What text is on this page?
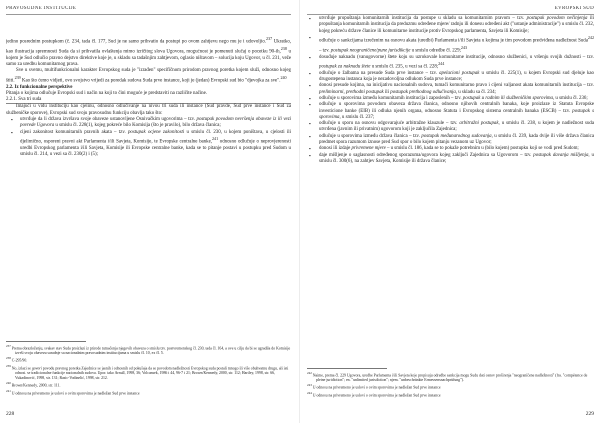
PRAVOSUDNE INSTITUCIJE

jedino posrednim postupkom (č. 234, tada čl. 177, Sud je ne samo prihvatio da postupi po ovom zahtjevu nego mu je i udovoljio.$^{237}$ Ukratko, kao ilustracija spremnosti Suda da si prihvatila ovlaštenja mimo izričitog slova Ugovora, mogućnost je pomenuti slučaj o pocetku 90-ih,$^{238}$ u kojem je Sud odlučio pravno dejstvo direktive koje je, u skladu sa tadašnjim zahtjevom, oglasio ništavom – solucija koju Ugovor, u čl. 231, veže samo za uredbu komunitarnog prava.

Sve u svemu, multifunkcionalni karakter Evropskog suda je "izrađen" specifičnom prirodom pravnog poretka kojem služi, odnosno kojeg štiti.$^{239}$ Kao što ćemo vidjeti, ovo svojstvo vrijedi za poredak sudova Suda prve instance, koji je (jedan) Evropski sud bio "djevojka za sve".$^{240}$

2.2. Iz funkcionalne perspektive

Pitanja o kojima odlučuje Evropski sud i način na koji to čini moguće je predstaviti na različite načine.

2.2.1. Sva tri suda

Imajući u vidu instituciju kao cjelinu, odnosno odlučivanje na nivou tri suda ili instance (Sud pravde, Sud prve instance i Sud za službeničke sporove), Evropski sud svoju pravosudnu funkciju obavlja tako što:

▪ utvrđuje da li država izvršava svoje obaveze ustanovljene Osnivačkim ugovorima – tzv. postupak povodom nevršenja obaveze iz ili vezi povrede Ugovora u smislu čl. 228(1), kojeg pokreće bilo Komisija (što je pravilo), bilo država članica;
▪ cijeni zakonitost komunitarnih pravnih akata – tzv. postupak ocjene zakonitosti u smislu čl. 230, u kojem poništava, u cjelosti ili djelimično, osporeni pravni akt Parlamenta i/ili Savjeta, Komisije, te Evropske centralne banke,$^{241}$ odnosno odlučuje o neprovjerenosti uredbi Evropskog parlamenta i/ili Savjeta, Komisije ili Evropske centralne banke, kada se to pitanje postavi u postupku pred Sudom u smislu čl. 214, u vezi sa čl. 230(2) i (5);

$^{237}$ Prema obrazloženju, svakav stav Suda proizlazi iz prirode tumačenja njegovih obaveza o smislu tzv. postvremenskog čl. 230, tada čl. 164, a ove u cilju da bi se ugradila do Komisije izvrši svoju obavezu saradnje sa nacionalnim pravosudnim institucijama u smislu čl. 10, ex čl. 5.

$^{238}$ C-295/90.

$^{239}$ No, izlazi se govori povodu pravnog poretka Zajednice se jasnih i odnosnih od pokušaja da se povodom nadležnosti Evropskog suda postali mnogo ili više obuhvatnu drugu, ali isti odnosi. se tradicionalne funkcije nacionalnih sudova. Upor. tako Arnull, 1998, 36; Volcansek, 1986 i 44, 96-7 i 21; Brown/Kennedy, 2000, str. 112; Hartley, 1998, str. 66, Vukadinović, 1998, str. 131; Rasic-Vodinelić, 1998, str. 212.

$^{240}$ Brown/Kennedy, 2000, str. 111.

$^{241}$ U odnosu na privremeno je uslovi o ovim sporovima je nadležan Sud prve instance

228
EVROPSKI SUD
▪ utvrđuje propuštanja komunitarnih institucija da postupe u skladu sa komunitarnim pravom – tzv. postupak povodom nečinjenja ili propuštanja komunitarnih institucija da preduzmu određene mjere/ radnju ili donesu određeni akt ("ustanje administracije") u smislu čl. 232, kojeg pokreću države članice ili komunitarne institucije protiv Evropskog parlamenta, Savjeta ili Komisije;
▪ odlučuje o sankcijama izrečenim na osnovu akata (uredbi) Parlamenta i/ili Savjeta u kojima je tim povodom predviđena nadležnost Suda$^{242}$ – tzv. postupak neograničene/pune jurisdikcije u smislu odredbe čl. 229;$^{243}$
▪ dosuđuje naknadu (vanugovorne) štete koju su uzrokovale komunitarne institucije, odnosno službenici, u vršenju svojih dužnosti – tzv. postupak za naknadu štete u smislu čl. 235, u vezi sa čl. 228;$^{244}$
▪ odlučuje o žalbama na presude Suda prve instance – tzv. apelacioni postupak u smislu čl. 225(1), u kojem Evropski sud djeluje kao drugostepena instanca koja je nezadovoljna odlukom Suda prve instance;
▪ donosi presude kojima, na inicijativu nacionalnih sudova, tumači komunitarno pravo i cijeni valjanost akata komunitarnih institucija – tzv. preliminarni, prethodni postupak ili postupak prethodnog odlučivanja, u skladu sa čl. 234;
▪ odlučuje u sporovima između komunitarnih institucija i zaposlenih – tzv. postupak u radnim ili službeničkim sporovima, u smislu čl. 236;
▪ odlučuje u sporovima povodom obaveza država članica, odnosno njihovih centralnih banaka, koje proizlaze iz Statuta Evropske investicione banke (EIB) ili odluka njenih organa, odnosno Statuta i Evropskog sistema centralnih banaka (ESCB) – tzv. postupak s sporovima, u smislu čl. 237;
▪ odlučuje u sporu na osnovu odgovarajuće arbitražne klauzule – tzv. arbitražni postupak, u smislu čl. 238, u kojem je nadležnost suda utvrđena (javnim ili privatnim) ugovorom koji je zaključila Zajednica;
▪ odlučuje u sporovima između država članica – tzv. postupak međunarodnog sudovanja, u smislu čl. 239, kada dvije ili više država članica predmet spora razumom iznose pred Sud spor o bilo kojem pitanju vezanom uz Ugovor;
▪ donosi ili izdaje privremene mjere – u smislu čl. 186, kada se to pokaže potrebnim u (bilo kojem) postupku koji se vodi pred Sudom;
▪ daje mišljenje o saglasnosti određenog sporazuma/ugovora kojeg zaključi Zajednica sa Ugovorom – tzv. postupak davanja mišljenja, u smislu čl. 300(6), na zahtjev Savjeta, Komisije ili država članice;

$^{242}$ Naime, prema čl. 229 Ugovora, uredbe Parlamenta i/ili Savjeta koje propisuju odredbe sankcija mogu Sudu dati osnov proširenja "neograničene nadležnosti" (fra. "compétence de pleine juridiction"; en. "unlimited jurisdiction"; njem. "unbeschränkte Ermessensnachprüfung").

$^{243}$ U odnosu na privremeno je uslovi o ovim sporovima je nadležan Sud prve instance

$^{244}$ U odnosu na privremeno je uslovi o ovim sporovima je nadležan Sud prve instance

229
